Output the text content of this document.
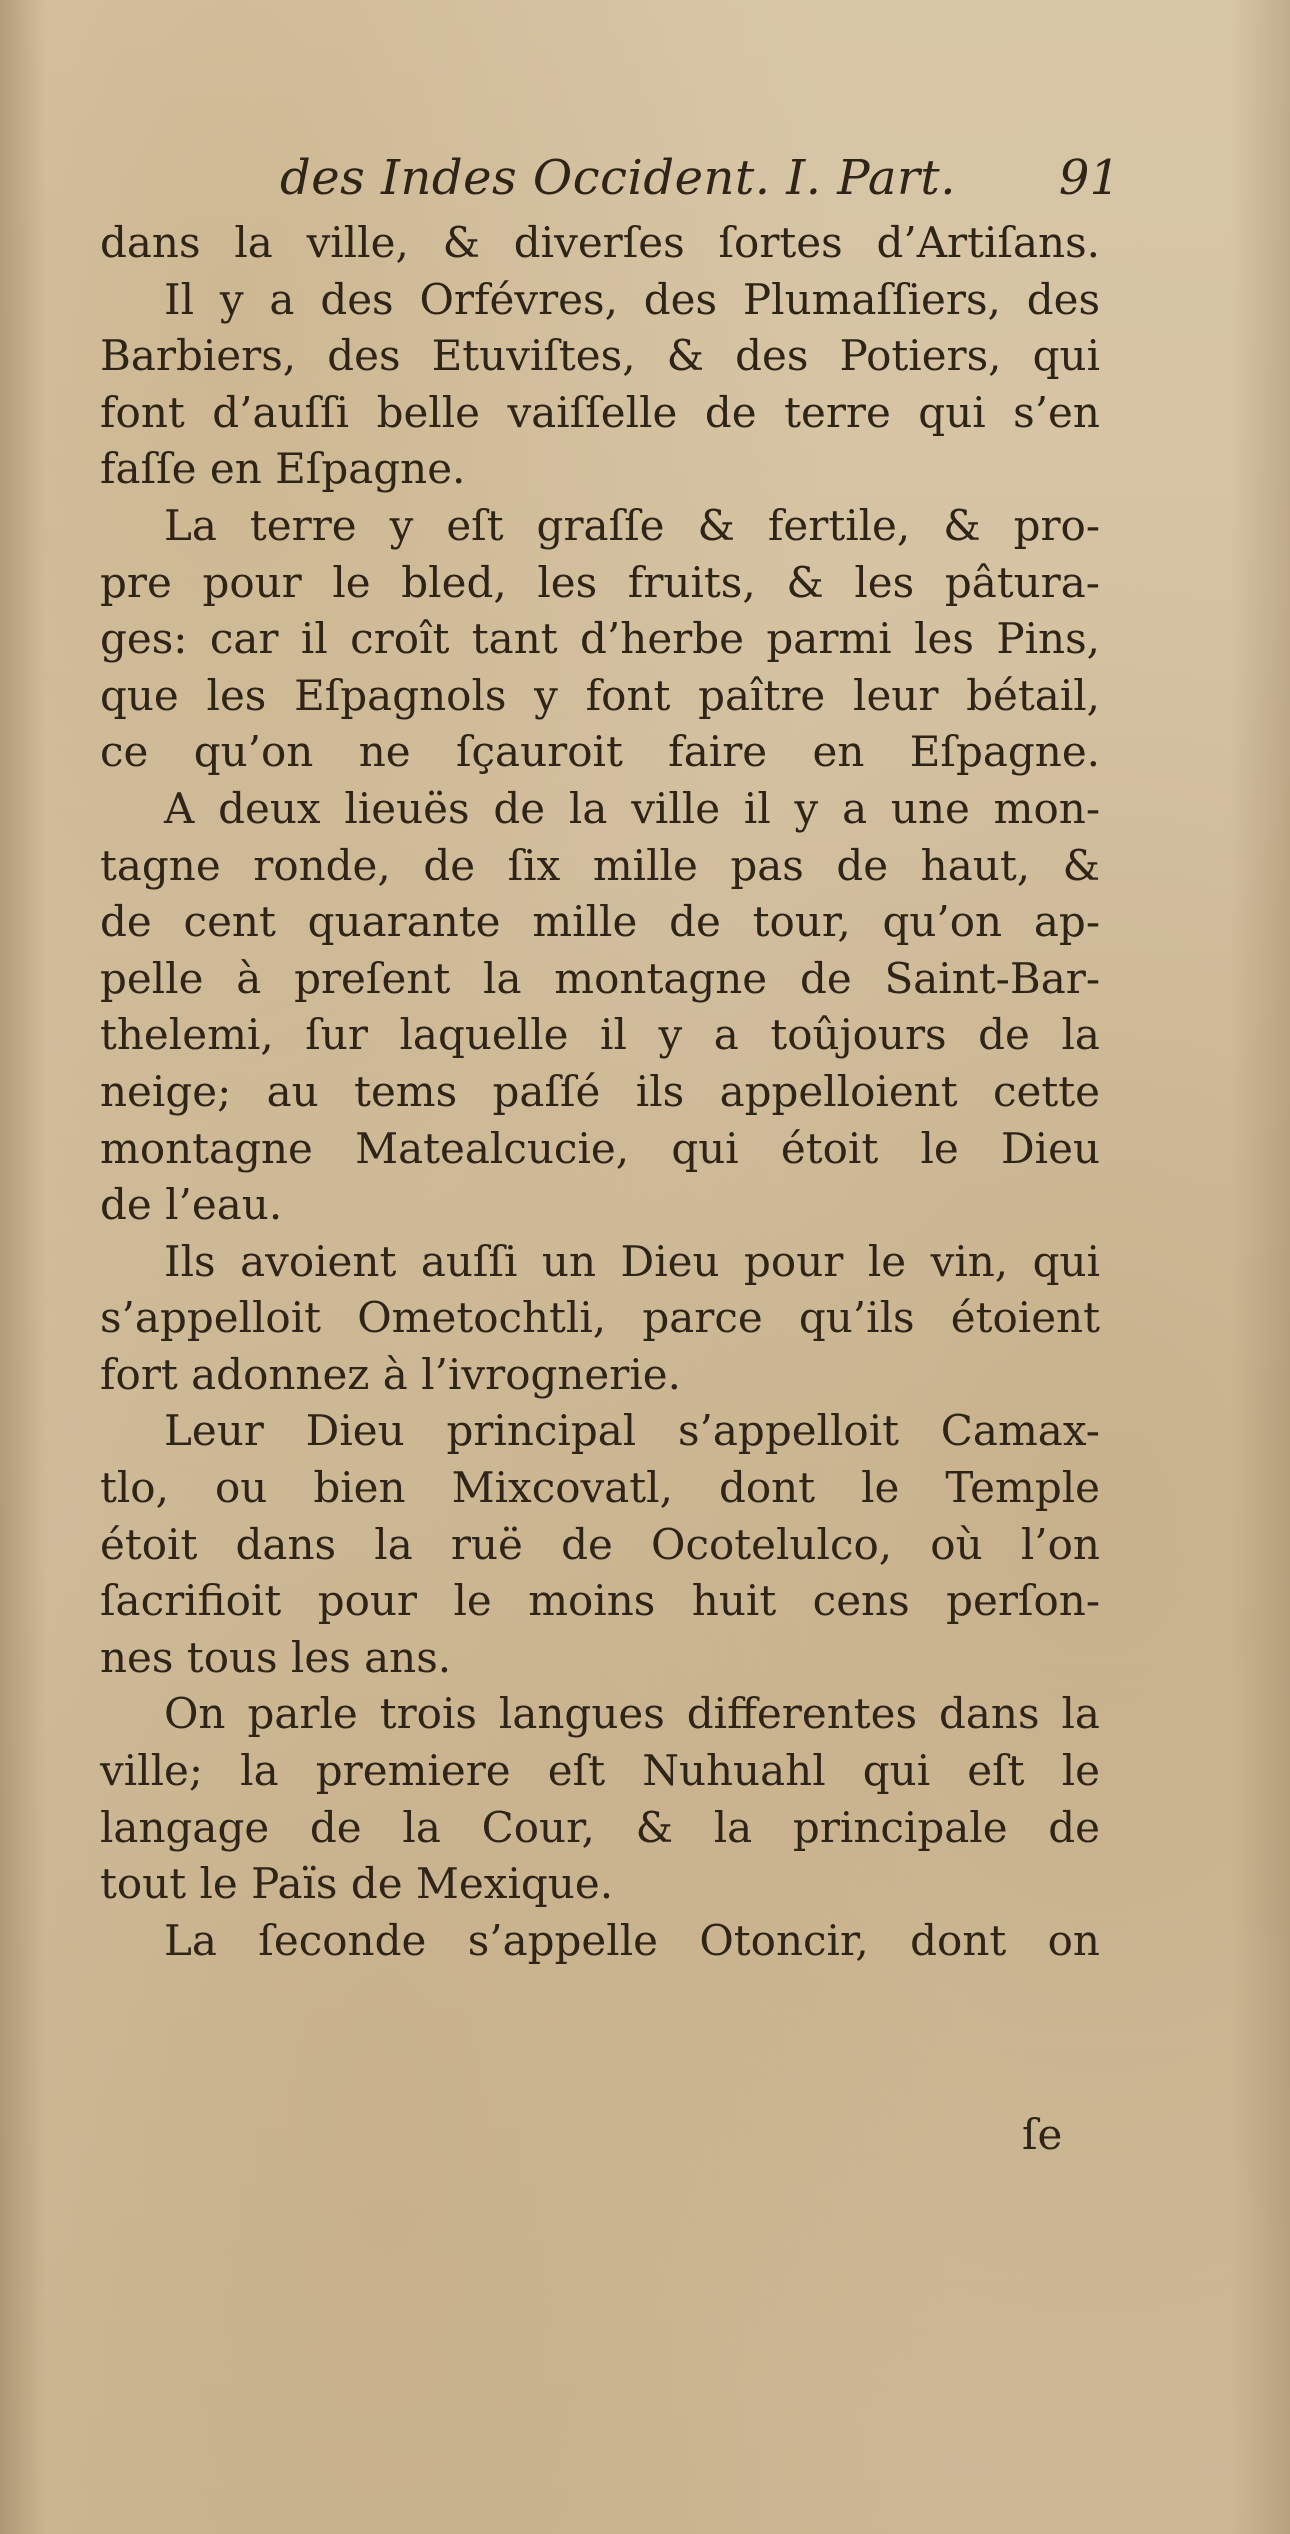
des Indes Occident. I. Part. 91
dans la ville, & diverſes ſortes d’Artiſans.
Il y a des Orfévres, des Plumaſſiers, des
Barbiers, des Etuviſtes, & des Potiers, qui
font d’auſſi belle vaiſſelle de terre qui s’en
faſſe en Eſpagne.
La terre y eſt graſſe & fertile, & pro-
pre pour le bled, les fruits, & les pâtura-
ges: car il croît tant d’herbe parmi les Pins,
que les Eſpagnols y font paître leur bétail,
ce qu’on ne ſçauroit faire en Eſpagne.
A deux lieuës de la ville il y a une mon-
tagne ronde, de ſix mille pas de haut, &
de cent quarante mille de tour, qu’on ap-
pelle à preſent la montagne de Saint-Bar-
thelemi, ſur laquelle il y a toûjours de la
neige; au tems paſſé ils appelloient cette
montagne Matealcucie, qui étoit le Dieu
de l’eau.
Ils avoient auſſi un Dieu pour le vin, qui
s’appelloit Ometochtli, parce qu’ils étoient
fort adonnez à l’ivrognerie.
Leur Dieu principal s’appelloit Camax-
tlo, ou bien Mixcovatl, dont le Temple
étoit dans la ruë de Ocotelulco, où l’on
ſacrifioit pour le moins huit cens perſon-
nes tous les ans.
On parle trois langues differentes dans la
ville; la premiere eſt Nuhuahl qui eſt le
langage de la Cour, & la principale de
tout le Païs de Mexique.
La ſeconde s’appelle Otoncir, dont on
ſe
